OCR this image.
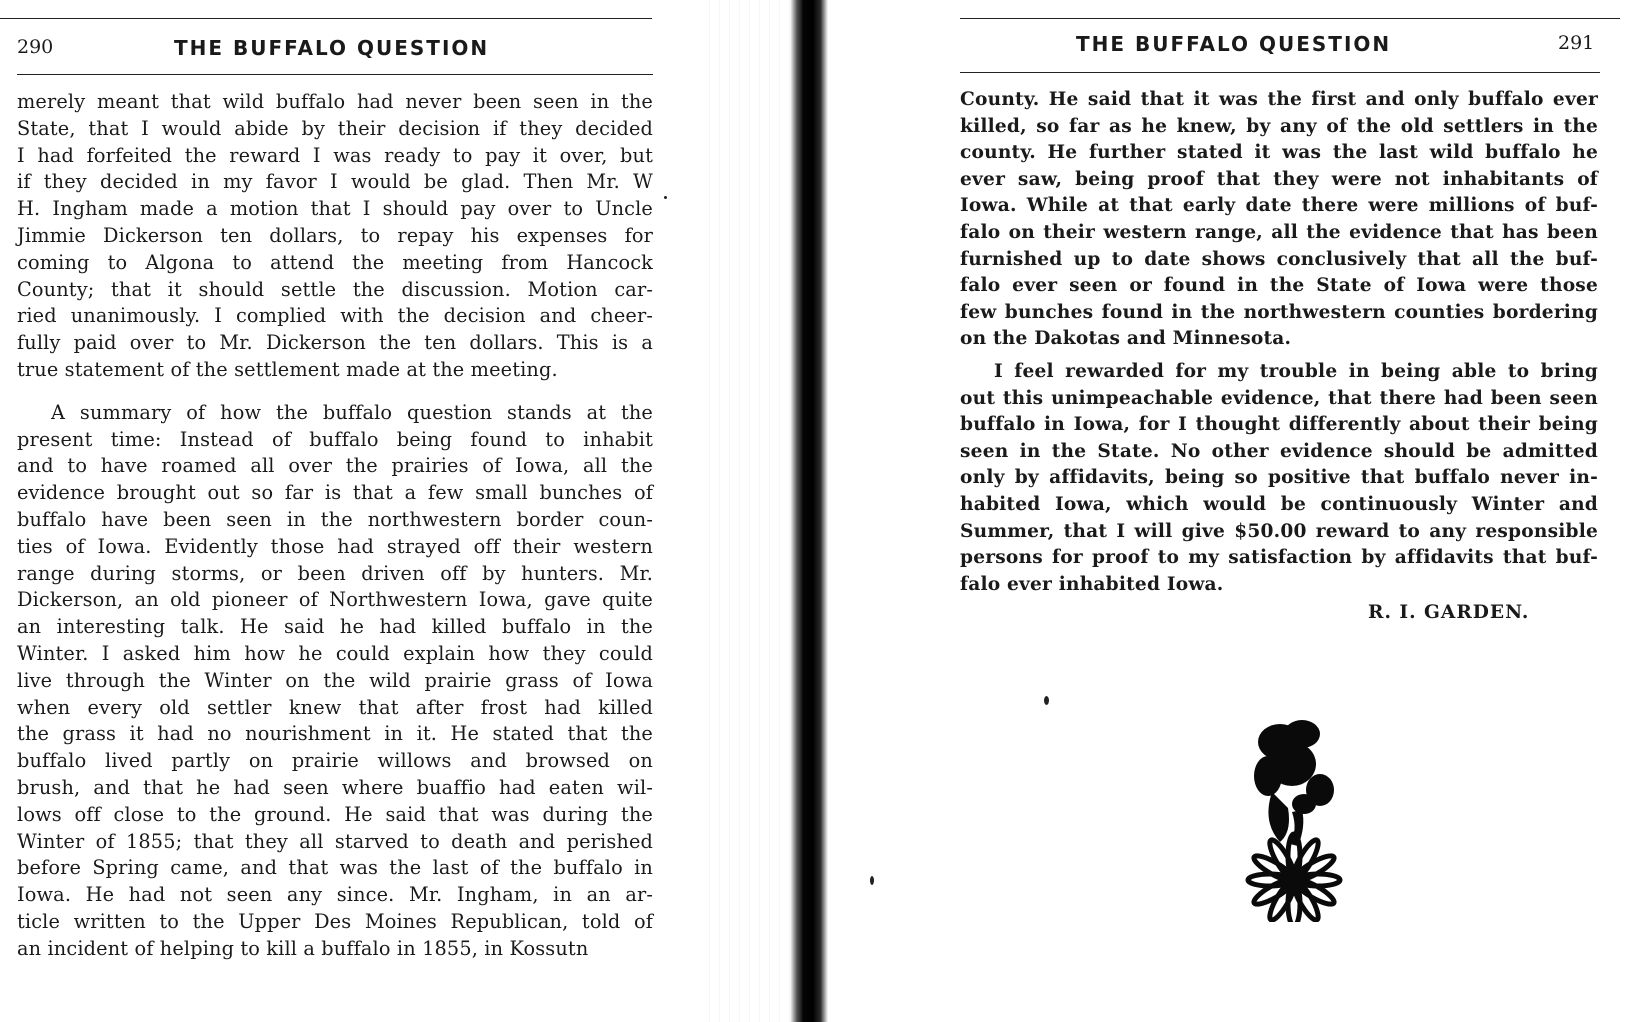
290	THE BUFFALO QUESTION
merely meant that wild buffalo had never been seen in the
State, that I would abide by their decision if they decided
I had forfeited the reward I was ready to pay it over, but
if they decided in my favor I would be glad. Then Mr. W
H. Ingham made a motion that I should pay over to Uncle
Jimmie Dickerson ten dollars, to repay his expenses for
coming to Algona to attend the meeting from Hancock
County; that it should settle the discussion. Motion car-
ried unanimously. I complied with the decision and cheer-
fully paid over to Mr. Dickerson the ten dollars. This is a
true statement of the settlement made at the meeting.
A summary of how the buffalo question stands at the
present time: Instead of buffalo being found to inhabit
and to have roamed all over the prairies of Iowa, all the
evidence brought out so far is that a few small bunches of
buffalo have been seen in the northwestern border coun-
ties of Iowa. Evidently those had strayed off their western
range during storms, or been driven off by hunters. Mr.
Dickerson, an old pioneer of Northwestern Iowa, gave quite
an interesting talk. He said he had killed buffalo in the
Winter. I asked him how he could explain how they could
live through the Winter on the wild prairie grass of Iowa
when every old settler knew that after frost had killed
the grass it had no nourishment in it. He stated that the
buffalo lived partly on prairie willows and browsed on
brush, and that he had seen where buaffio had eaten wil-
lows off close to the ground. He said that was during the
Winter of 1855; that they all starved to death and perished
before Spring came, and that was the last of the buffalo in
Iowa. He had not seen any since. Mr. Ingham, in an ar-
ticle written to the Upper Des Moines Republican, told of
an incident of helping to kill a buffalo in 1855, in Kossutn
THE BUFFALO QUESTION	291
County. He said that it was the first and only buffalo ever
killed, so far as he knew, by any of the old settlers in the
county. He further stated it was the last wild buffalo he
ever saw, being proof that they were not inhabitants of
Iowa. While at that early date there were millions of buf-
falo on their western range, all the evidence that has been
furnished up to date shows conclusively that all the buf-
falo ever seen or found in the State of Iowa were those
few bunches found in the northwestern counties bordering
on the Dakotas and Minnesota.
I feel rewarded for my trouble in being able to bring
out this unimpeachable evidence, that there had been seen
buffalo in Iowa, for I thought differently about their being
seen in the State. No other evidence should be admitted
only by affidavits, being so positive that buffalo never in-
habited Iowa, which would be continuously Winter and
Summer, that I will give $50.00 reward to any responsible
persons for proof to my satisfaction by affidavits that buf-
falo ever inhabited Iowa.
R. I. GARDEN.
